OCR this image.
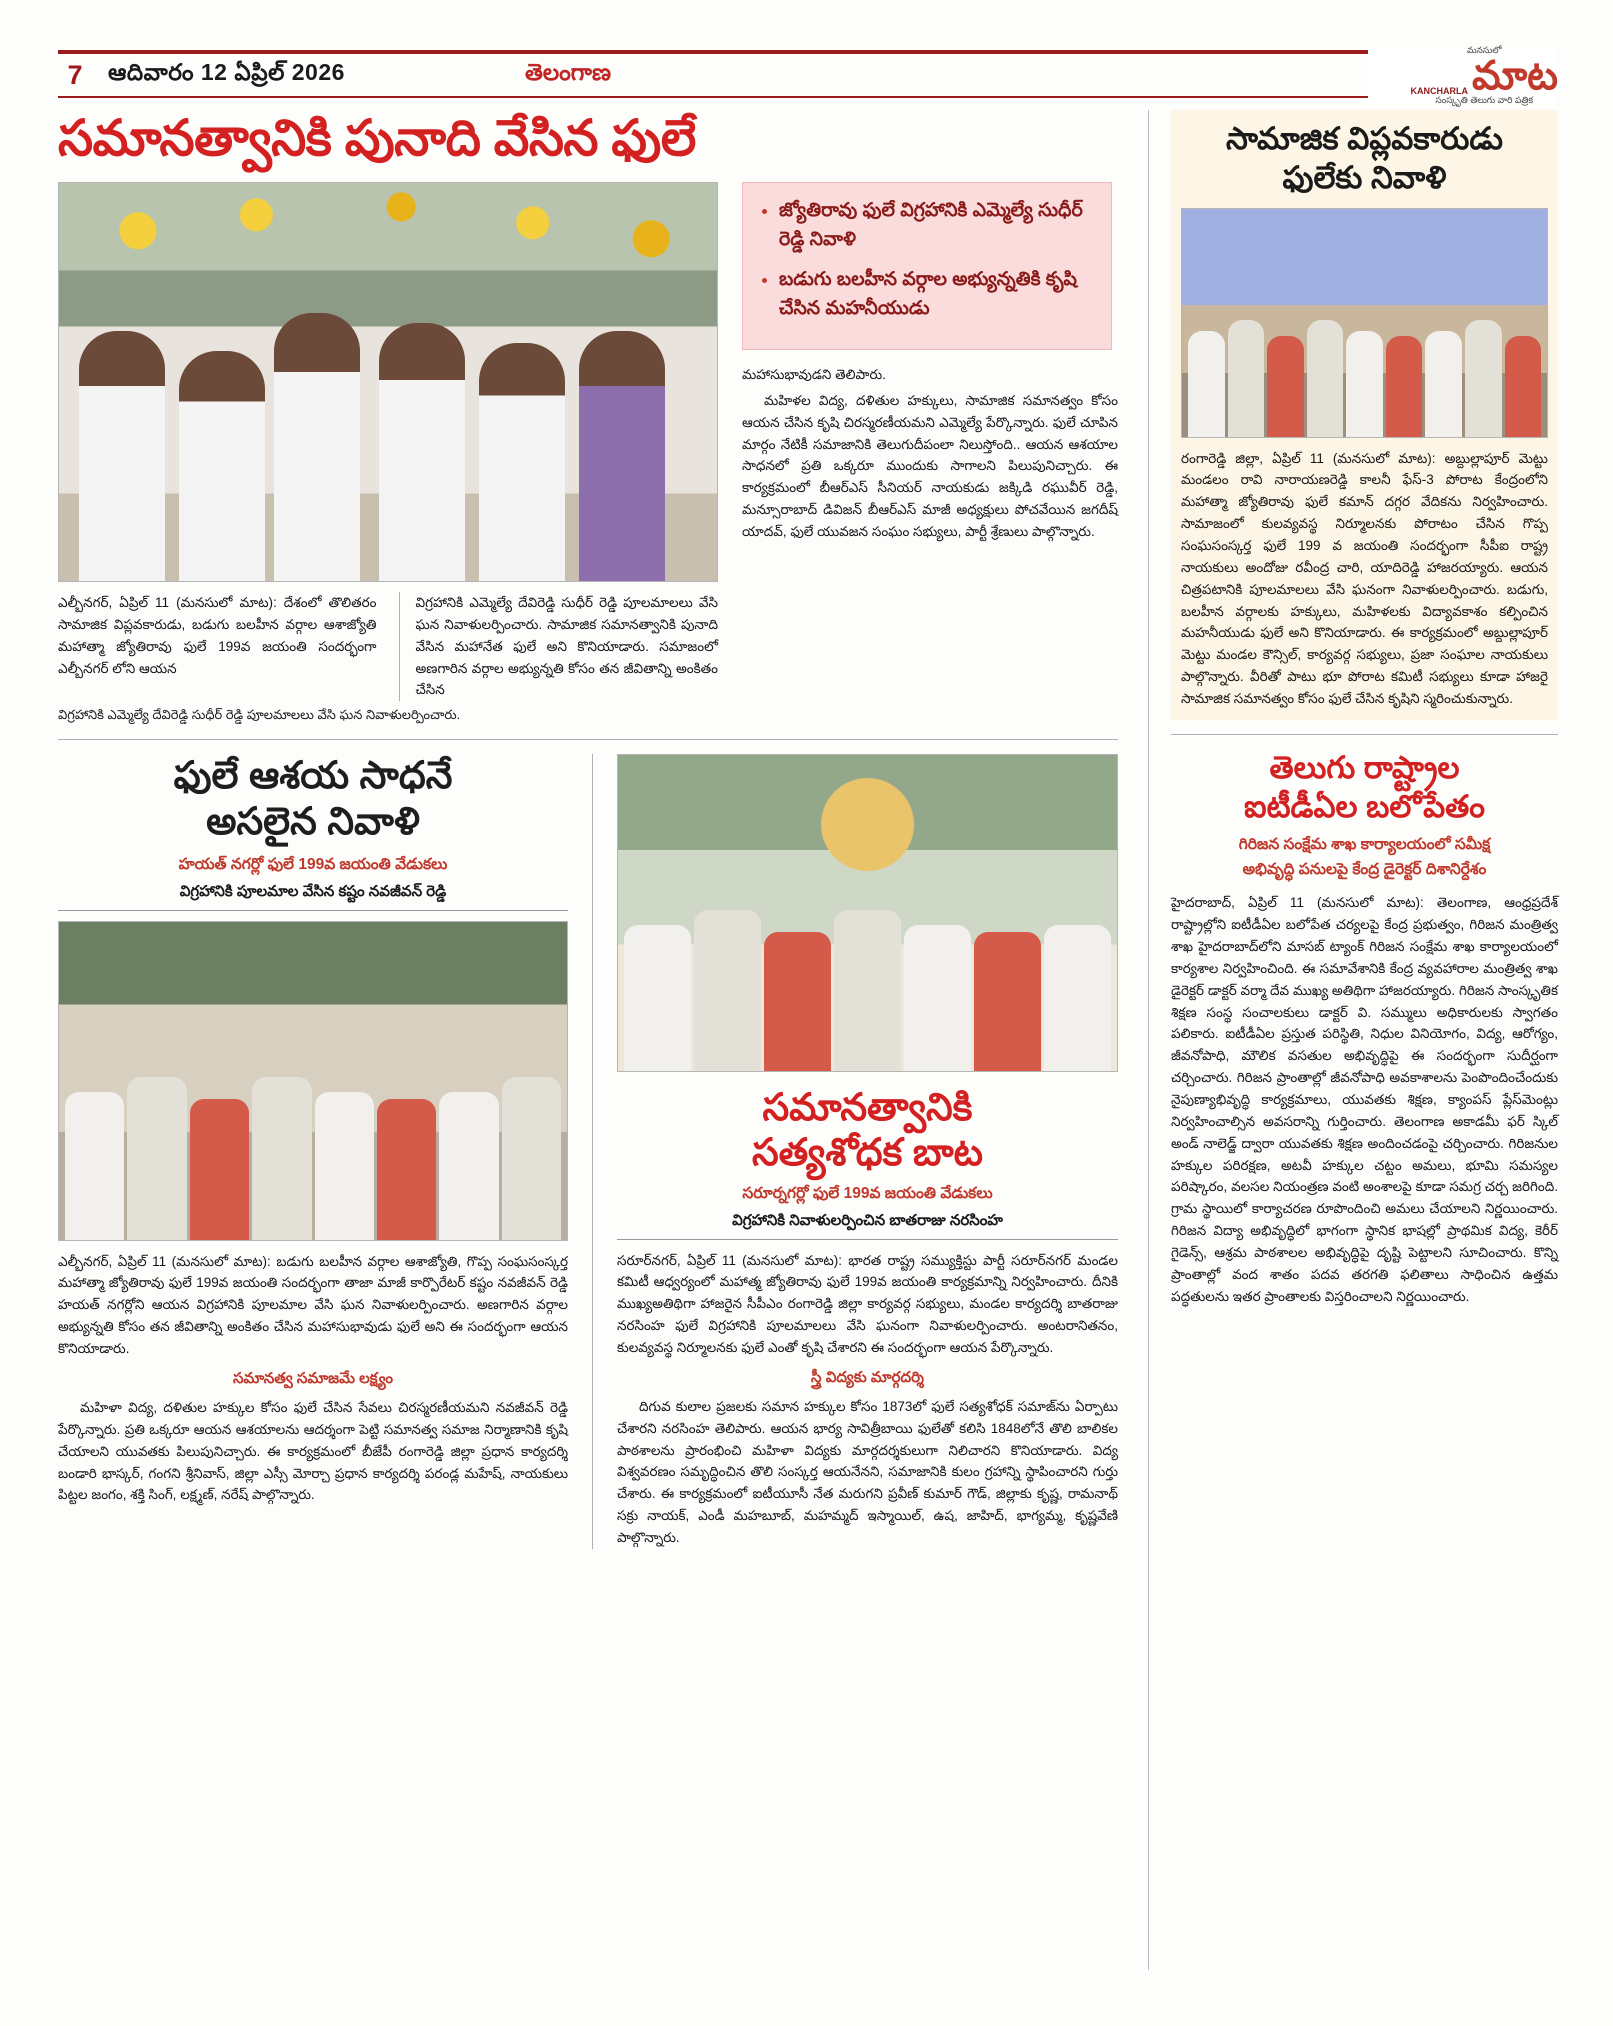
7	ఆదివారం 12 ఏప్రిల్ 2026	తెలంగాణ
మనసులో
KANCHARLA మాట
సంస్కృతి తెలుగు వారి పత్రిక
సమానత్వానికి పునాది వేసిన ఫులే
• జ్యోతిరావు ఫులే విగ్రహానికి ఎమ్మెల్యే సుధీర్ రెడ్డి నివాళి
• బడుగు బలహీన వర్గాల అభ్యున్నతికి కృషి చేసిన మహనీయుడు
మహాసుభావుడని తెలిపారు.
మహిళల విద్య, దళితుల హక్కులు, సామాజిక సమానత్వం కోసం ఆయన చేసిన కృషి చిరస్మరణీయమని ఎమ్మెల్యే పేర్కొన్నారు. ఫులే చూపిన మార్గం నేటికీ సమాజానికి తెలుగుదీపంలా నిలుస్తోంది.. ఆయన ఆశయాల సాధనలో ప్రతి ఒక్కరూ ముందుకు సాగాలని పిలుపునిచ్చారు. ఈ కార్యక్రమంలో బీఆర్ఎస్ సీనియర్ నాయకుడు జక్కిడి రఘువీర్ రెడ్డి, మన్సూరాబాద్ డివిజన్ బీఆర్ఎస్ మాజీ అధ్యక్షులు పోచవేయిన జగదీష్ యాదవ్, ఫులే యువజన సంఘం సభ్యులు, పార్టీ శ్రేణులు పాల్గొన్నారు.
ఎల్బీనగర్, ఏప్రిల్ 11 (మనసులో మాట): దేశంలో తొలితరం సామాజిక విప్లవకారుడు, బడుగు బలహీన వర్గాల ఆశాజ్యోతి మహాత్మా జ్యోతిరావు ఫులే 199వ జయంతి సందర్భంగా ఎల్బీనగర్ లోని ఆయన
విగ్రహానికి ఎమ్మెల్యే దేవిరెడ్డి సుధీర్ రెడ్డి పూలమాలలు వేసి ఘన నివాళులర్పించారు. సామాజిక సమానత్వానికి పునాది వేసిన మహానేత ఫులే అని కొనియాడారు. సమాజంలో అణగారిన వర్గాల అభ్యున్నతి కోసం తన జీవితాన్ని అంకితం చేసిన
విగ్రహానికి ఎమ్మెల్యే దేవిరెడ్డి సుధీర్ రెడ్డి పూలమాలలు వేసి ఘన నివాళులర్పించారు.
ఫులే ఆశయ సాధనే
అసలైన నివాళి
హయత్ నగర్లో ఫులే 199వ జయంతి వేడుకలు
విగ్రహానికి పూలమాల వేసిన కష్టం నవజీవన్ రెడ్డి
ఎల్బీనగర్, ఏప్రిల్ 11 (మనసులో మాట): బడుగు బలహీన వర్గాల ఆశాజ్యోతి, గొప్ప సంఘసంస్కర్త మహాత్మా జ్యోతిరావు ఫులే 199వ జయంతి సందర్భంగా తాజా మాజీ కార్పొరేటర్ కష్టం నవజీవన్ రెడ్డి హయత్ నగర్లోని ఆయన విగ్రహానికి పూలమాల వేసి ఘన నివాళులర్పించారు. అణగారిన వర్గాల అభ్యున్నతి కోసం తన జీవితాన్ని అంకితం చేసిన మహాసుభావుడు ఫులే అని ఈ సందర్భంగా ఆయన కొనియాడారు.
సమానత్వ సమాజమే లక్ష్యం
మహిళా విద్య, దళితుల హక్కుల కోసం ఫులే చేసిన సేవలు చిరస్మరణీయమని నవజీవన్ రెడ్డి పేర్కొన్నారు. ప్రతి ఒక్కరూ ఆయన ఆశయాలను ఆదర్శంగా పెట్టి సమానత్వ సమాజ నిర్మాణానికి కృషి చేయాలని యువతకు పిలుపునిచ్చారు. ఈ కార్యక్రమంలో బీజేపీ రంగారెడ్డి జిల్లా ప్రధాన కార్యదర్శి బండారి భాస్కర్, గంగని శ్రీనివాస్, జిల్లా ఎస్సీ మోర్చా ప్రధాన కార్యదర్శి పరండ్ల మహేష్, నాయకులు పిట్టల జంగం, శక్తి సింగ్, లక్ష్మణ్, నరేష్ పాల్గొన్నారు.
సమానత్వానికి
సత్యశోధక బాట
సరూర్నగర్లో ఫులే 199వ జయంతి వేడుకలు
విగ్రహానికి నివాళులర్పించిన బాతరాజు నరసింహ
సరూర్‌నగర్, ఏప్రిల్ 11 (మనసులో మాట): భారత రాష్ట్ర సమ్యుక్తిస్టు పార్టీ సరూర్‌నగర్ మండల కమిటీ ఆధ్వర్యంలో మహాత్మ జ్యోతిరావు ఫులే 199వ జయంతి కార్యక్రమాన్ని నిర్వహించారు. దీనికి ముఖ్యఅతిథిగా హాజరైన సీపీఎం రంగారెడ్డి జిల్లా కార్యవర్గ సభ్యులు, మండల కార్యదర్శి బాతరాజు నరసింహ ఫులే విగ్రహానికి పూలమాలలు వేసి ఘనంగా నివాళులర్పించారు. అంటరానితనం, కులవ్యవస్థ నిర్మూలనకు ఫులే ఎంతో కృషి చేశారని ఈ సందర్భంగా ఆయన పేర్కొన్నారు.
స్త్రీ విద్యకు మార్గదర్శి
దిగువ కులాల ప్రజలకు సమాన హక్కుల కోసం 1873లో ఫులే సత్యశోధక్ సమాజ్‌ను ఏర్పాటు చేశారని నరసింహ తెలిపారు. ఆయన భార్య సావిత్రీబాయి ఫులేతో కలిసి 1848లోనే తొలి బాలికల పాఠశాలను ప్రారంభించి మహిళా విద్యకు మార్గదర్శకులుగా నిలిచారని కొనియాడారు. విద్య విశ్వవరణం సమృద్ధించిన తొలి సంస్కర్త ఆయనేనని, సమాజానికి కులం గ్రహాన్ని స్థాపించారని గుర్తు చేశారు. ఈ కార్యక్రమంలో ఐటీయూసీ నేత మరుగని ప్రవీణ్ కుమార్ గౌడ్, జిల్లాకు కృష్ణ, రామనాథ్ సక్రు నాయక్, ఎండీ మహబూబ్, మహమ్మద్ ఇస్మాయిల్, ఉష, జాహిద్, భాగ్యమ్మ, కృష్ణవేణి పాల్గొన్నారు.
సామాజిక విప్లవకారుడు
ఫులేకు నివాళి
రంగారెడ్డి జిల్లా, ఏప్రిల్ 11 (మనసులో మాట): అబ్దుల్లాపూర్ మెట్టు మండలం రావి నారాయణరెడ్డి కాలనీ ఫేస్-3 పోరాట కేంద్రంలోని మహాత్మా జ్యోతిరావు ఫులే కమాన్ దగ్గర వేదికను నిర్వహించారు. సామాజంలో కులవ్యవస్థ నిర్మూలనకు పోరాటం చేసిన గొప్ప సంఘసంస్కర్త ఫులే 199 వ జయంతి సందర్భంగా సీపీఐ రాష్ట్ర నాయకులు అందోజు రవీంద్ర చారి, యాదిరెడ్డి హాజరయ్యారు. ఆయన చిత్రపటానికి పూలమాలలు వేసి ఘనంగా నివాళులర్పించారు. బడుగు, బలహీన వర్గాలకు హక్కులు, మహిళలకు విద్యావకాశం కల్పించిన మహనీయుడు ఫులే అని కొనియాడారు. ఈ కార్యక్రమంలో అబ్దుల్లాపూర్ మెట్టు మండల కౌన్సిల్, కార్యవర్గ సభ్యులు, ప్రజా సంఘాల నాయకులు పాల్గొన్నారు. వీరితో పాటు భూ పోరాట కమిటీ సభ్యులు కూడా హాజరై సామాజిక సమానత్వం కోసం ఫులే చేసిన కృషిని స్మరించుకున్నారు.
తెలుగు రాష్ట్రాల
ఐటీడీఏల బలోపేతం
గిరిజన సంక్షేమ శాఖ కార్యాలయంలో సమీక్ష
అభివృద్ధి పనులపై కేంద్ర డైరెక్టర్ దిశానిర్దేశం
హైదరాబాద్, ఏప్రిల్ 11 (మనసులో మాట): తెలంగాణ, ఆంధ్రప్రదేశ్ రాష్ట్రాల్లోని ఐటీడీఏల బలోపేత చర్యలపై కేంద్ర ప్రభుత్వం, గిరిజన మంత్రిత్వ శాఖ హైదరాబాద్‌లోని మాసబ్ ట్యాంక్ గిరిజన సంక్షేమ శాఖ కార్యాలయంలో కార్యశాల నిర్వహించింది. ఈ సమావేశానికి కేంద్ర వ్యవహారాల మంత్రిత్వ శాఖ డైరెక్టర్ డాక్టర్ వర్మా దేవ ముఖ్య అతిథిగా హాజరయ్యారు. గిరిజన సాంస్కృతిక శిక్షణ సంస్థ సంచాలకులు డాక్టర్ వి. సమ్ములు అధికారులకు స్వాగతం పలికారు. ఐటీడీఏల ప్రస్తుత పరిస్థితి, నిధుల వినియోగం, విద్య, ఆరోగ్యం, జీవనోపాధి, మౌలిక వసతుల అభివృద్ధిపై ఈ సందర్భంగా సుదీర్ఘంగా చర్చించారు. గిరిజన ప్రాంతాల్లో జీవనోపాధి అవకాశాలను పెంపొందించేందుకు నైపుణ్యాభివృద్ధి కార్యక్రమాలు, యువతకు శిక్షణ, క్యాంపస్ ప్లేస్‌మెంట్లు నిర్వహించాల్సిన అవసరాన్ని గుర్తించారు. తెలంగాణ అకాడమీ ఫర్ స్కిల్ అండ్ నాలెడ్జ్ ద్వారా యువతకు శిక్షణ అందించడంపై చర్చించారు. గిరిజనుల హక్కుల పరిరక్షణ, అటవీ హక్కుల చట్టం అమలు, భూమి సమస్యల పరిష్కారం, వలసల నియంత్రణ వంటి అంశాలపై కూడా సమగ్ర చర్చ జరిగింది. గ్రామ స్థాయిలో కార్యాచరణ రూపొందించి అమలు చేయాలని నిర్ణయించారు. గిరిజన విద్యా అభివృద్ధిలో భాగంగా స్థానిక భాషల్లో ప్రాథమిక విద్య, కెరీర్ గైడెన్స్, ఆశ్రమ పాఠశాలల అభివృద్ధిపై దృష్టి పెట్టాలని సూచించారు. కొన్ని ప్రాంతాల్లో వంద శాతం పదవ తరగతి ఫలితాలు సాధించిన ఉత్తమ పద్ధతులను ఇతర ప్రాంతాలకు విస్తరించాలని నిర్ణయించారు.
